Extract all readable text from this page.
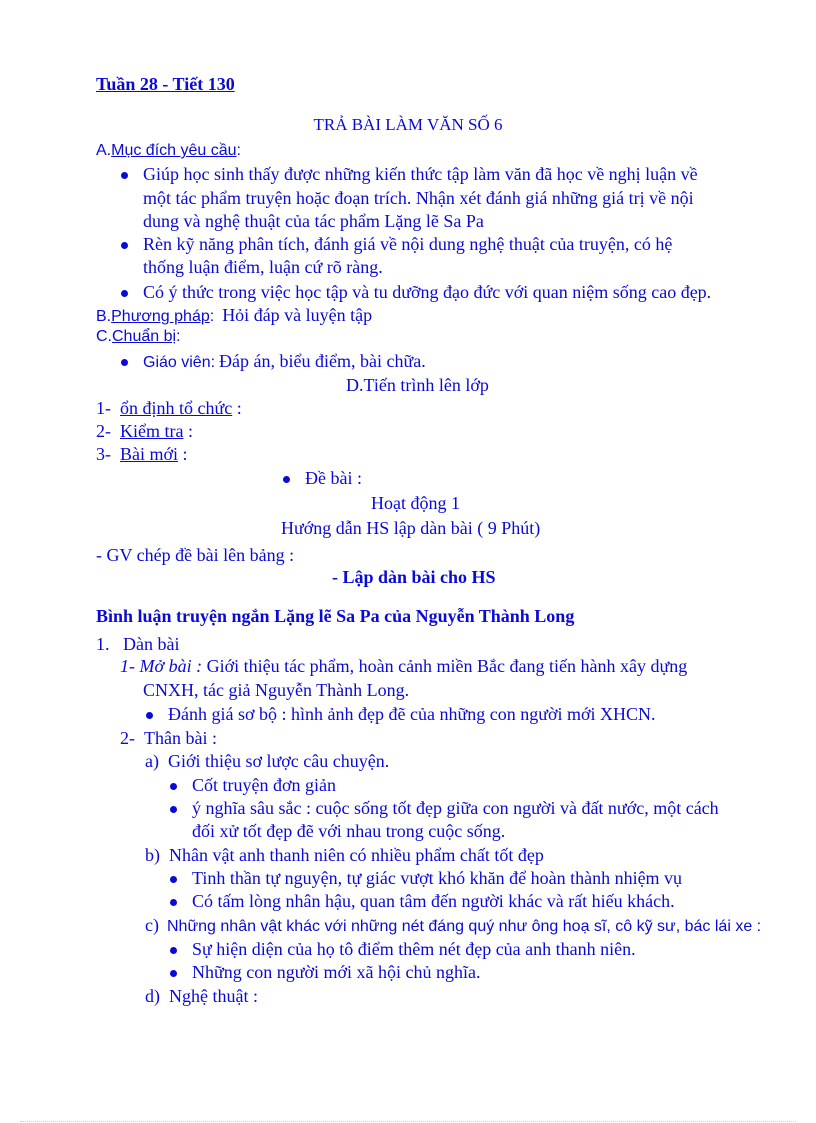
Tuần 28 - Tiết 130
TRẢ BÀI LÀM VĂN SỐ 6
A.Mục đích yêu cầu:
Giúp học sinh thấy được những kiến thức tập làm văn đã học về nghị luận về
một tác phẩm truyện hoặc đoạn trích. Nhận xét đánh giá những giá trị về nội
dung và nghệ thuật của tác phẩm Lặng lẽ Sa Pa
Rèn kỹ năng phân tích, đánh giá về nội dung nghệ thuật của truyện, có hệ
thống luận điểm, luận cứ rõ ràng.
Có ý thức trong việc học tập và tu dưỡng đạo đức với quan niệm sống cao đẹp.
B.Phương pháp: Hỏi đáp và luyện tập
C.Chuẩn bị:
Giáo viên: Đáp án, biểu điểm, bài chữa.
D.Tiến trình lên lớp
1- ổn định tổ chức :
2- Kiểm tra :
3- Bài mới :
Đề bài :
Hoạt động 1
Hướng dẫn HS lập dàn bài ( 9 Phút)
- GV chép đề bài lên bảng :
- Lập dàn bài cho HS
Bình luận truyện ngắn Lặng lẽ Sa Pa của Nguyễn Thành Long
1. Dàn bài
1- Mở bài : Giới thiệu tác phẩm, hoàn cảnh miền Bắc đang tiến hành xây dựng
CNXH, tác giả Nguyễn Thành Long.
Đánh giá sơ bộ : hình ảnh đẹp đẽ của những con người mới XHCN.
2- Thân bài :
a) Giới thiệu sơ lược câu chuyện.
Cốt truyện đơn giản
ý nghĩa sâu sắc : cuộc sống tốt đẹp giữa con người và đất nước, một cách
đối xử tốt đẹp đẽ với nhau trong cuộc sống.
b) Nhân vật anh thanh niên có nhiều phẩm chất tốt đẹp
Tinh thần tự nguyện, tự giác vượt khó khăn để hoàn thành nhiệm vụ
Có tấm lòng nhân hậu, quan tâm đến người khác và rất hiếu khách.
c) Những nhân vật khác với những nét đáng quý như ông hoạ sĩ, cô kỹ sư, bác lái xe :
Sự hiện diện của họ tô điểm thêm nét đẹp của anh thanh niên.
Những con người mới xã hội chủ nghĩa.
d) Nghệ thuật :
